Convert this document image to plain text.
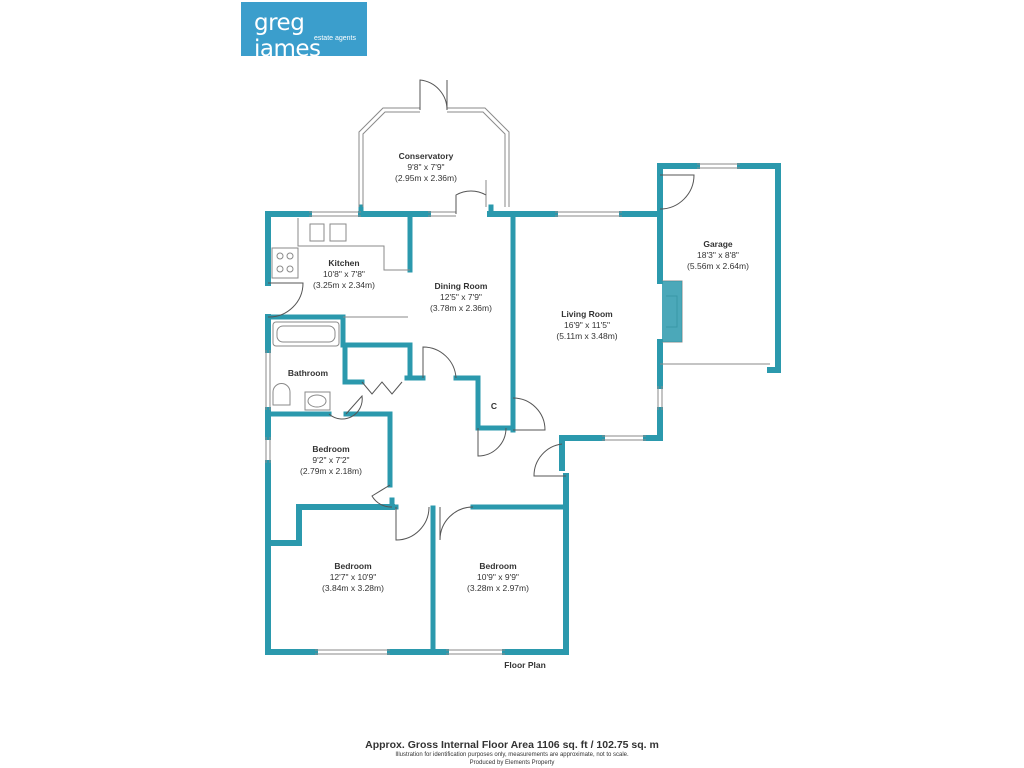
greg james
estate agents
Conservatory
9'8" x 7'9"
(2.95m x 2.36m)
Kitchen
10'8" x 7'8"
(3.25m x 2.34m)	Dining Room
12'5" x 7'9"
(3.78m x 2.36m)
Living Room
16'9" x 11'5"
(5.11m x 3.48m)
Garage
18'3" x 8'8"
(5.56m x 2.64m)
Bathroom
C
Bedroom
9'2" x 7'2"
(2.79m x 2.18m)
Bedroom
12'7" x 10'9"
(3.84m x 3.28m)
Bedroom
10'9" x 9'9"
(3.28m x 2.97m)
Floor Plan
Approx. Gross Internal Floor Area 1106 sq. ft / 102.75 sq. m
Illustration for identification purposes only, measurements are approximate, not to scale.
Produced by Elements Property
